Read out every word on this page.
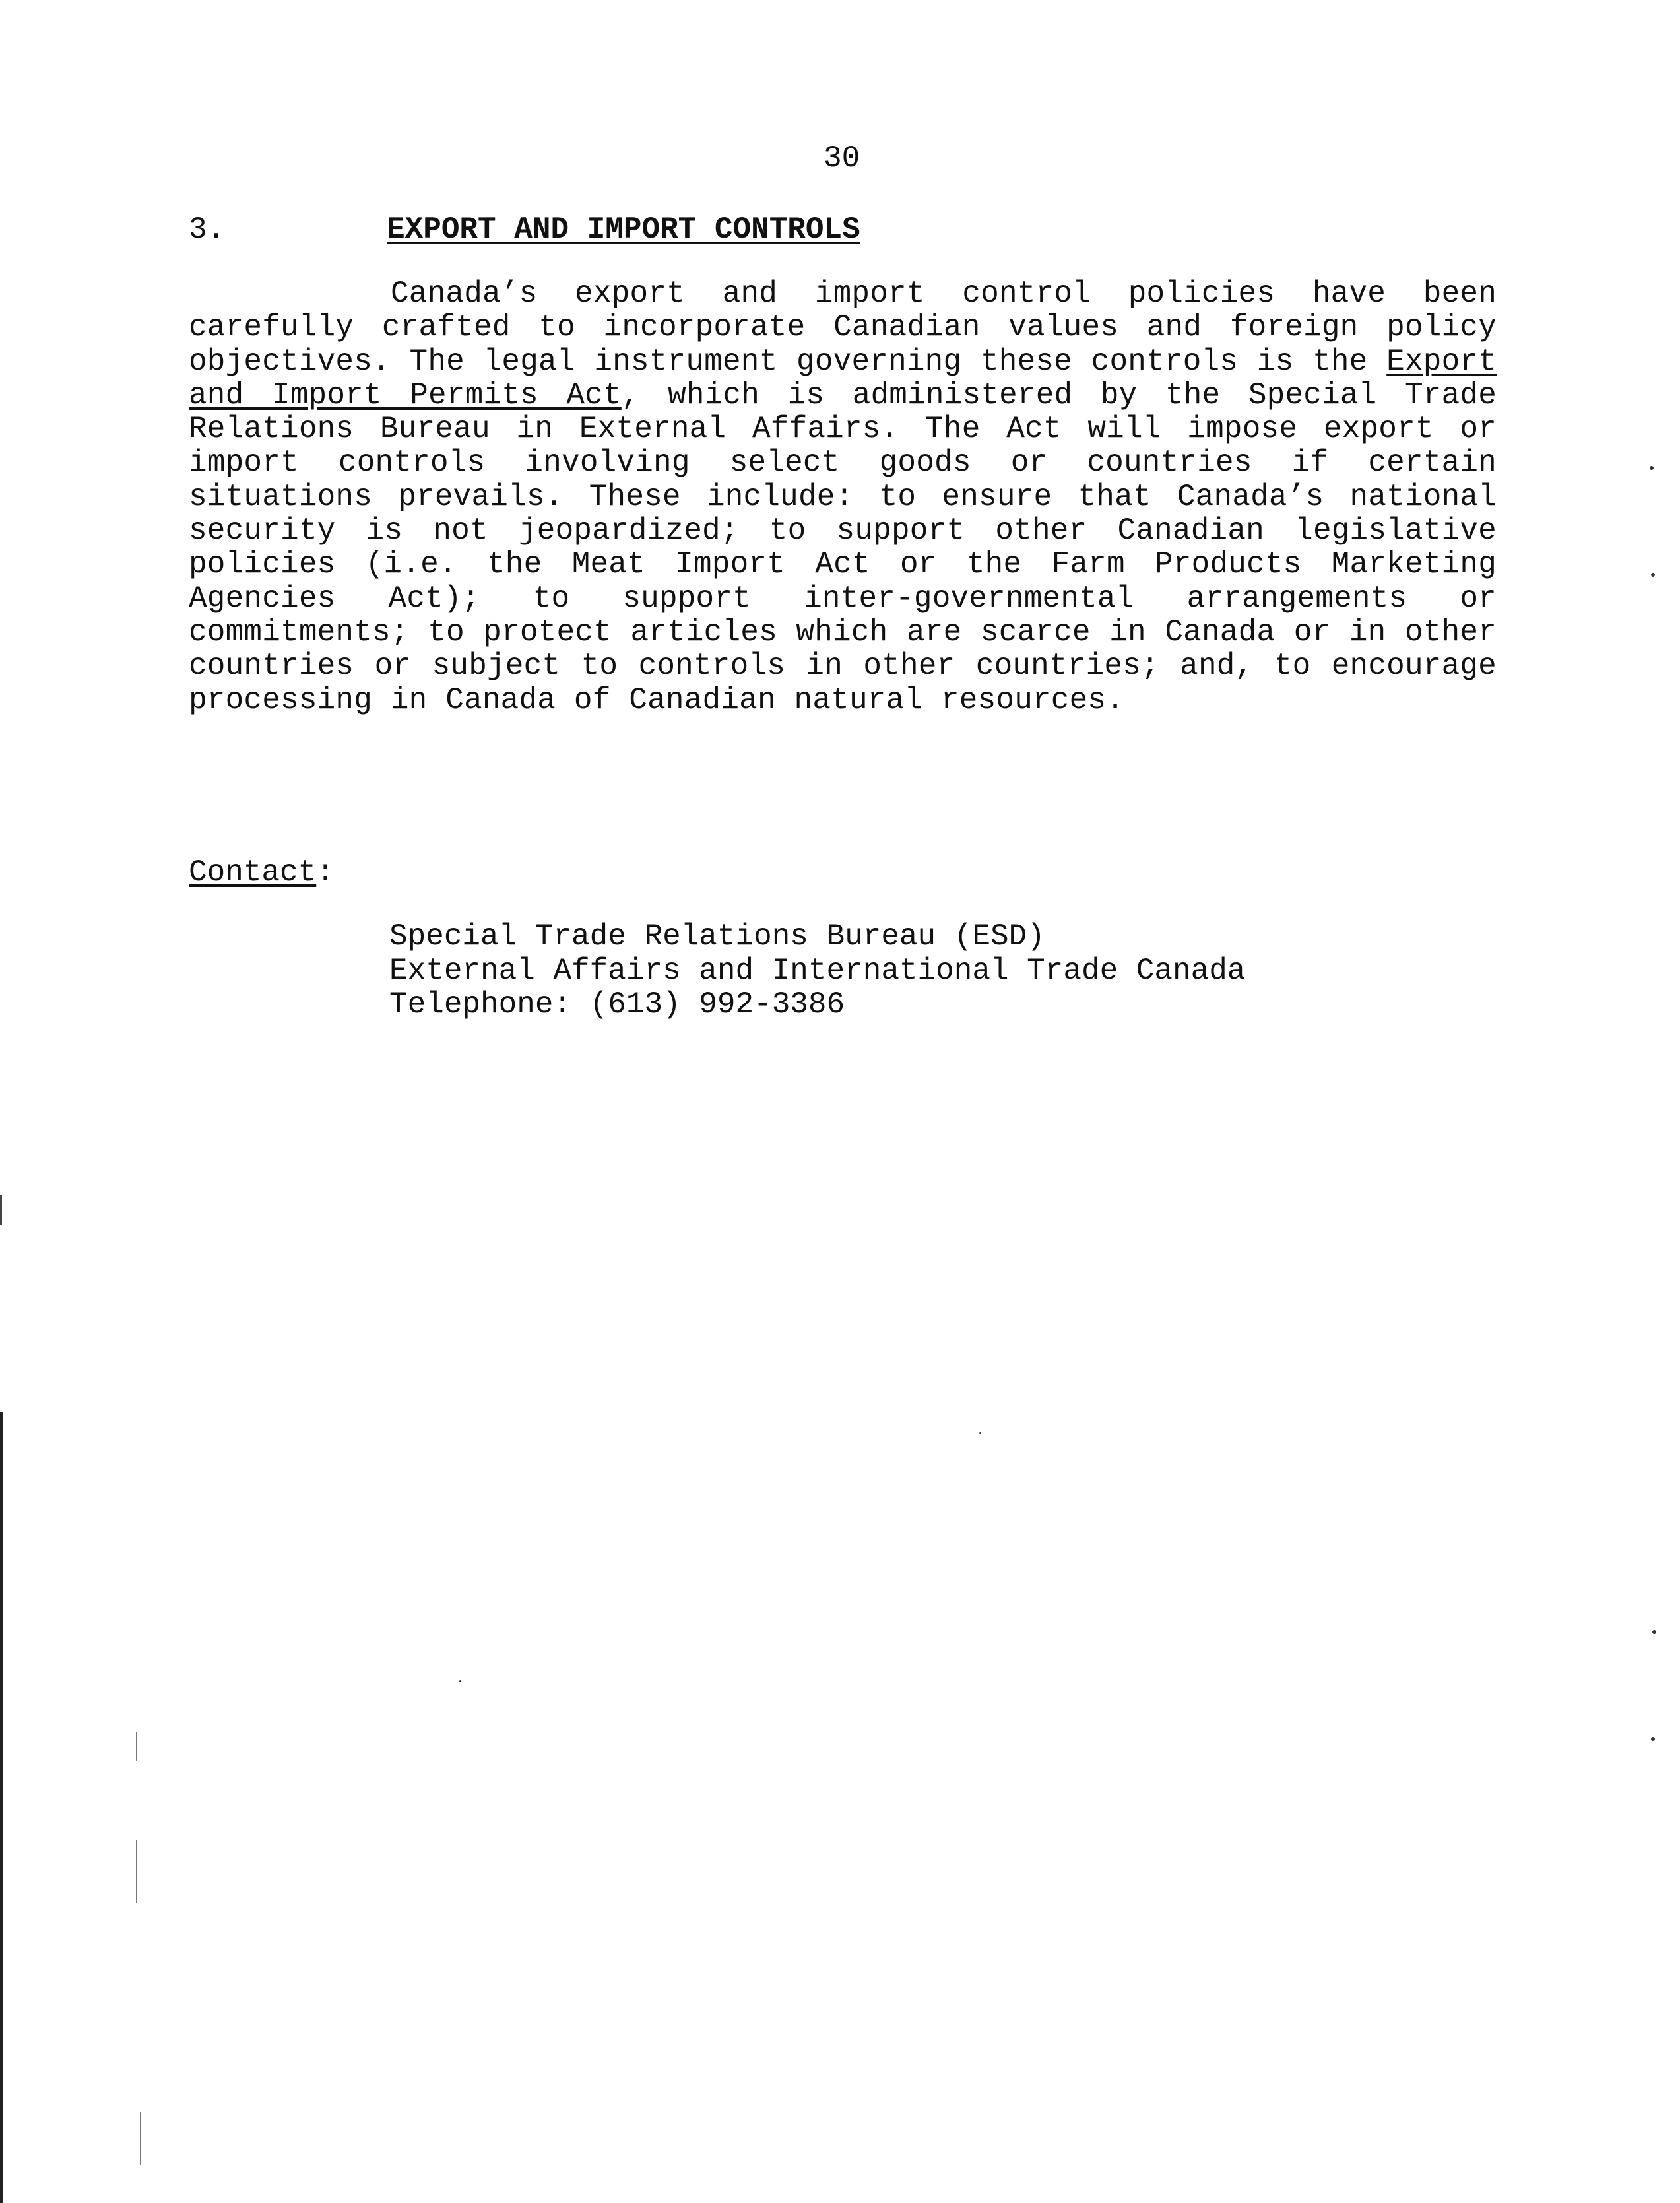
30
3.	EXPORT AND IMPORT CONTROLS

Canada’s export and import control policies have been carefully crafted to incorporate Canadian values and foreign policy objectives. The legal instrument governing these controls is the Export and Import Permits Act, which is administered by the Special Trade Relations Bureau in External Affairs. The Act will impose export or import controls involving select goods or countries if certain situations prevails. These include: to ensure that Canada’s national security is not jeopardized; to support other Canadian legislative policies (i.e. the Meat Import Act or the Farm Products Marketing Agencies Act); to support inter-governmental arrangements or commitments; to protect articles which are scarce in Canada or in other countries or subject to controls in other countries; and, to encourage processing in Canada of Canadian natural resources.

Contact:
Special Trade Relations Bureau (ESD)
External Affairs and International Trade Canada
Telephone: (613) 992-3386
